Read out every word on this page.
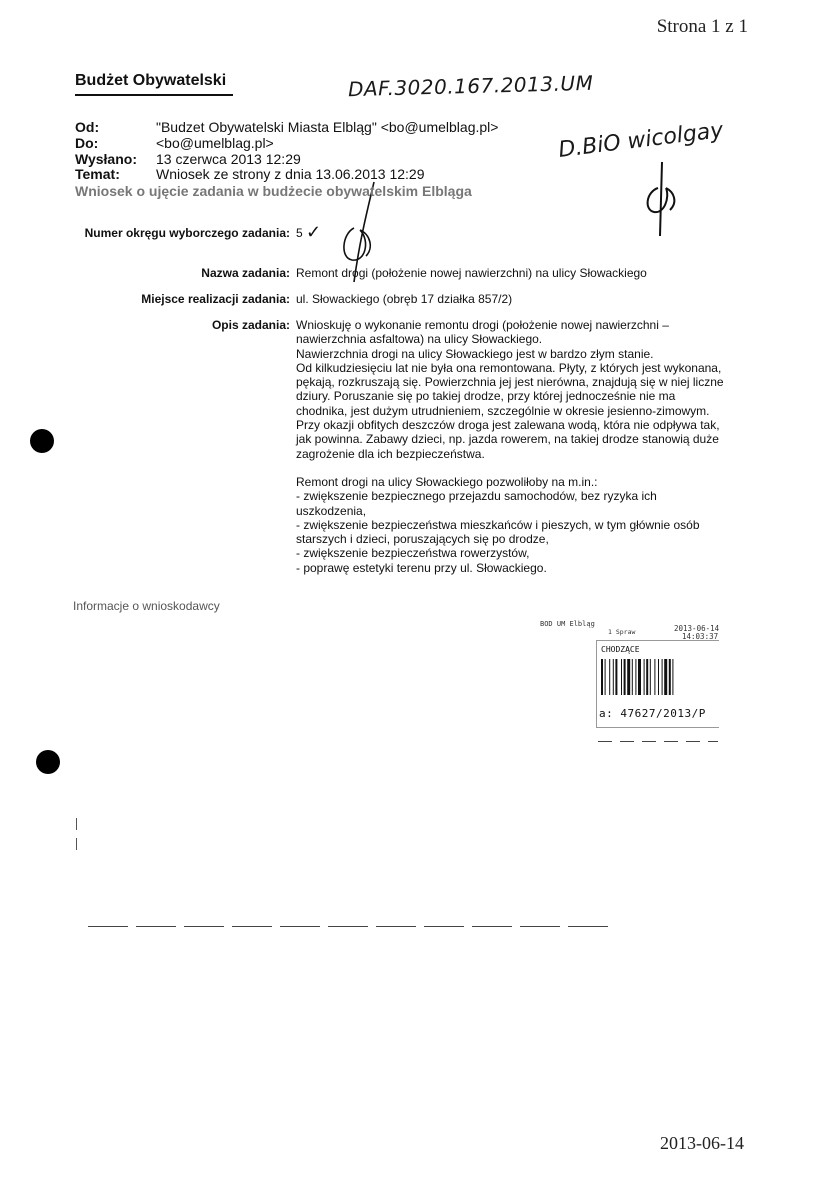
Strona 1 z 1
Budżet Obywatelski	DAF.3020.167.2013.UM
D.BiO wicolgay
Od:	"Budzet Obywatelski Miasta Elbląg" <bo@umelblag.pl>
Do:	<bo@umelblag.pl>
Wysłano: 13 czerwca 2013 12:29
Temat:	Wniosek ze strony z dnia 13.06.2013 12:29
Wniosek o ujęcie zadania w budżecie obywatelskim Elbląga
Numer okręgu wyborczego zadania: 5 ✓
Nazwa zadania: Remont drogi (położenie nowej nawierzchni) na ulicy Słowackiego
Miejsce realizacji zadania: ul. Słowackiego (obręb 17 działka 857/2)
Opis zadania: Wnioskuję o wykonanie remontu drogi (położenie nowej nawierzchni – nawierzchnia asfaltowa) na ulicy Słowackiego.

Nawierzchnia drogi na ulicy Słowackiego jest w bardzo złym stanie.

Od kilkudziesięciu lat nie była ona remontowana. Płyty, z których jest wykonana, pękają, rozkruszają się. Powierzchnia jej jest nierówna, znajdują się w niej liczne dziury. Poruszanie się po takiej drodze, przy której jednocześnie nie ma chodnika, jest dużym utrudnieniem, szczególnie w okresie jesienno-zimowym. Przy okazji obfitych deszczów droga jest zalewana wodą, która nie odpływa tak, jak powinna. Zabawy dzieci, np. jazda rowerem, na takiej drodze stanowią duże zagrożenie dla ich bezpieczeństwa.

Remont drogi na ulicy Słowackiego pozwoliłoby na m.in.:

- zwiększenie bezpiecznego przejazdu samochodów, bez ryzyka ich uszkodzenia,

- zwiększenie bezpieczeństwa mieszkańców i pieszych, w tym głównie osób starszych i dzieci, poruszających się po drodze,

- zwiększenie bezpieczeństwa rowerzystów,

- poprawę estetyki terenu przy ul. Słowackiego.

Informacje o wnioskodawcy
BOD UM Elbląg	2013-06-14
1 Spraw	14:03:37
CHODZĄCE
a: 47627/2013/P
2013-06-14
